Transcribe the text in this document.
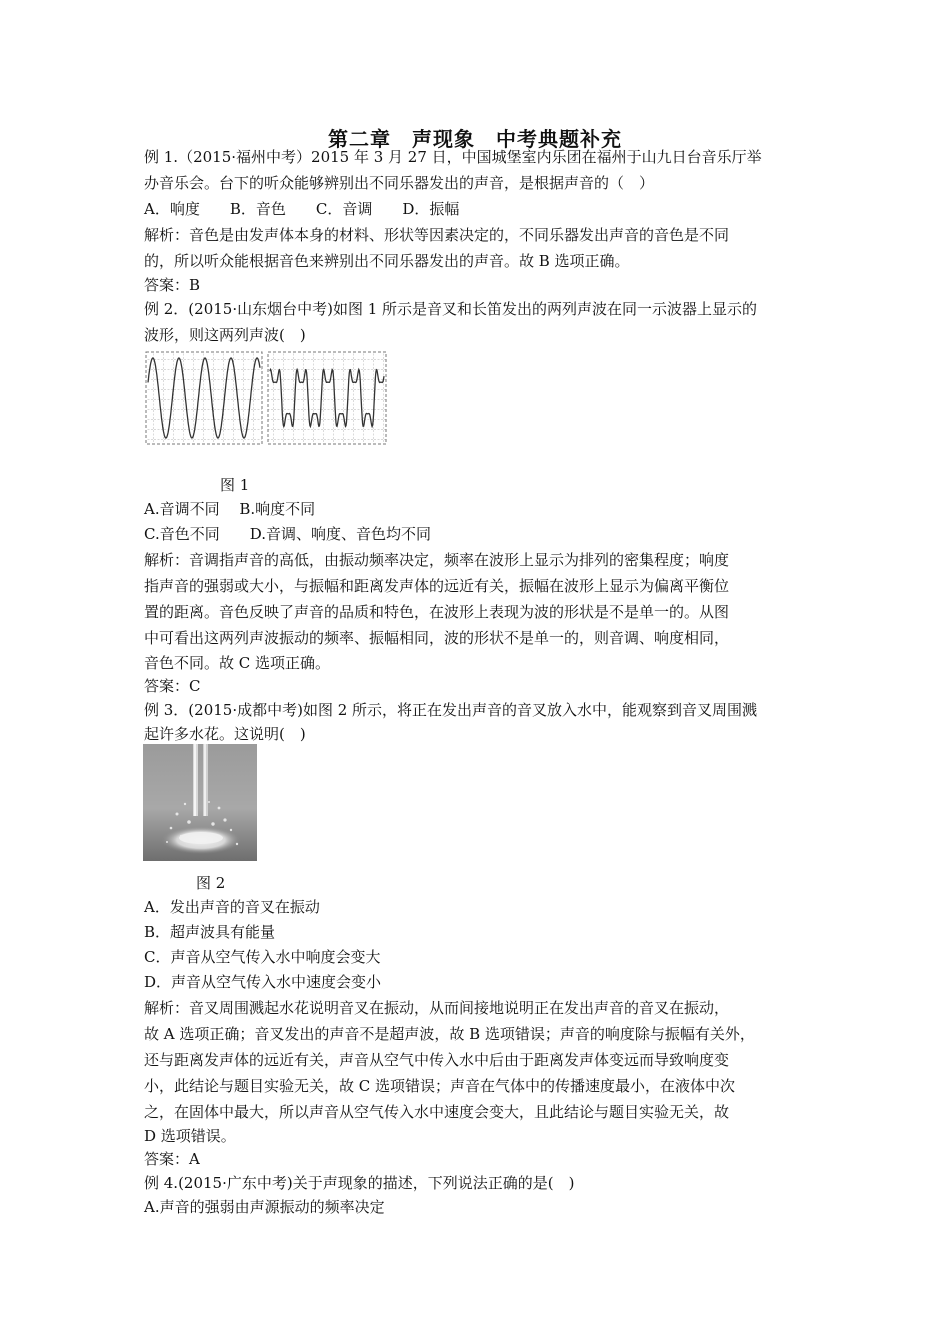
第二章　声现象　中考典题补充
例 1.（2015·福州中考）2015 年 3 月 27 日，中国城堡室内乐团在福州于山九日台音乐厅举
办音乐会。台下的听众能够辨别出不同乐器发出的声音，是根据声音的（　）
A．响度　　B．音色　　C．音调　　D．振幅
解析：音色是由发声体本身的材料、形状等因素决定的，不同乐器发出声音的音色是不同
的，所以听众能根据音色来辨别出不同乐器发出的声音。故 B 选项正确。
答案：B
例 2．(2015·山东烟台中考)如图 1 所示是音叉和长笛发出的两列声波在同一示波器上显示的
波形，则这两列声波(　)
图 1
A.音调不同　 B.响度不同
C.音色不同　　D.音调、响度、音色均不同
解析：音调指声音的高低，由振动频率决定，频率在波形上显示为排列的密集程度；响度
指声音的强弱或大小，与振幅和距离发声体的远近有关，振幅在波形上显示为偏离平衡位
置的距离。音色反映了声音的品质和特色，在波形上表现为波的形状是不是单一的。从图
中可看出这两列声波振动的频率、振幅相同，波的形状不是单一的，则音调、响度相同，
音色不同。故 C 选项正确。
答案：C
例 3．(2015·成都中考)如图 2 所示，将正在发出声音的音叉放入水中，能观察到音叉周围溅
起许多水花。这说明(　)
图 2
A．发出声音的音叉在振动
B．超声波具有能量
C．声音从空气传入水中响度会变大
D．声音从空气传入水中速度会变小
解析：音叉周围溅起水花说明音叉在振动，从而间接地说明正在发出声音的音叉在振动，
故 A 选项正确；音叉发出的声音不是超声波，故 B 选项错误；声音的响度除与振幅有关外，
还与距离发声体的远近有关，声音从空气中传入水中后由于距离发声体变远而导致响度变
小，此结论与题目实验无关，故 C 选项错误；声音在气体中的传播速度最小，在液体中次
之，在固体中最大，所以声音从空气传入水中速度会变大，且此结论与题目实验无关，故
D 选项错误。
答案：A
例 4.(2015·广东中考)关于声现象的描述，下列说法正确的是(　)
A.声音的强弱由声源振动的频率决定
